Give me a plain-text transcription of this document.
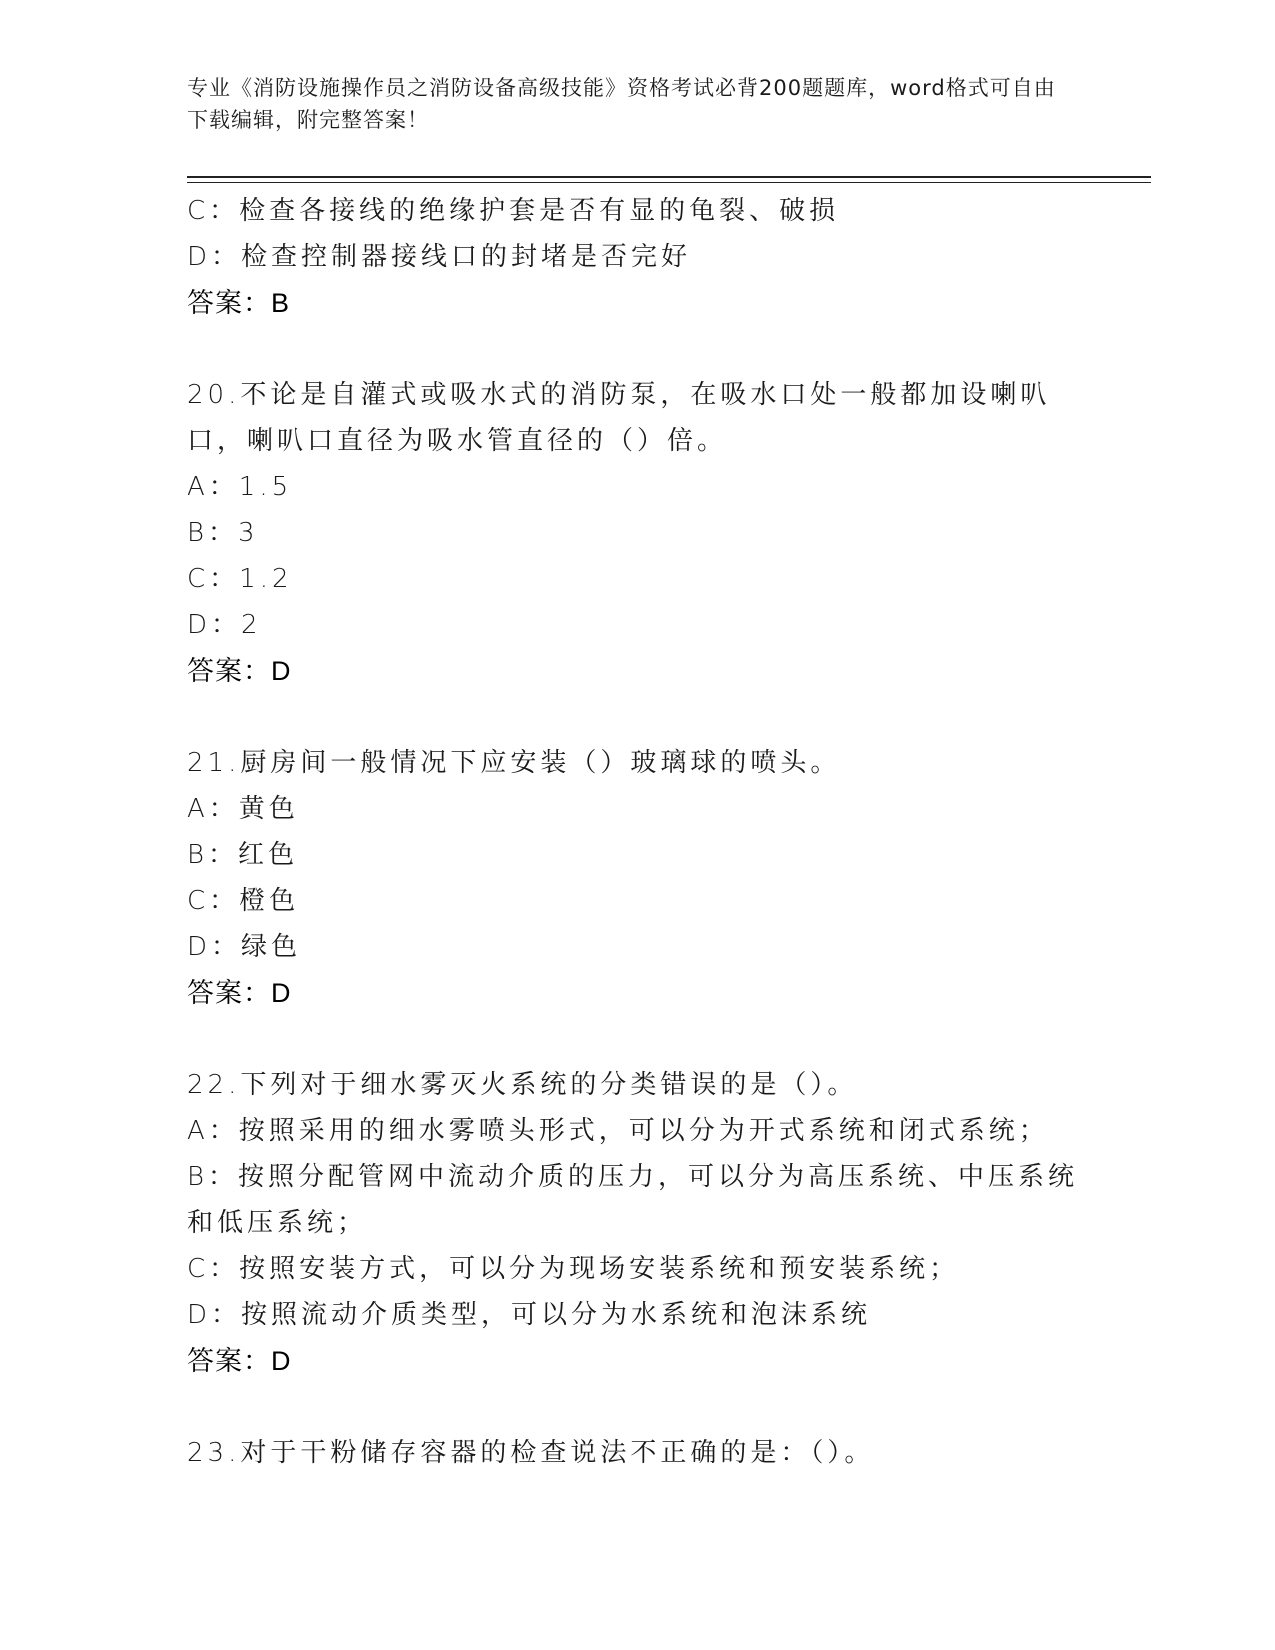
专业《消防设施操作员之消防设备高级技能》资格考试必背200题题库，word格式可自由下载编辑，附完整答案！
C：检查各接线的绝缘护套是否有显的龟裂、破损
D：检查控制器接线口的封堵是否完好
答案：B
20.不论是自灌式或吸水式的消防泵，在吸水口处一般都加设喇叭口，喇叭口直径为吸水管直径的（）倍。
A：1.5
B：3
C：1.2
D：2
答案：D
21.厨房间一般情况下应安装（）玻璃球的喷头。
A：黄色
B：红色
C：橙色
D：绿色
答案：D
22.下列对于细水雾灭火系统的分类错误的是（）。
A：按照采用的细水雾喷头形式，可以分为开式系统和闭式系统；
B：按照分配管网中流动介质的压力，可以分为高压系统、中压系统和低压系统；
C：按照安装方式，可以分为现场安装系统和预安装系统；
D：按照流动介质类型，可以分为水系统和泡沫系统
答案：D
23.对于干粉储存容器的检查说法不正确的是：（）。
